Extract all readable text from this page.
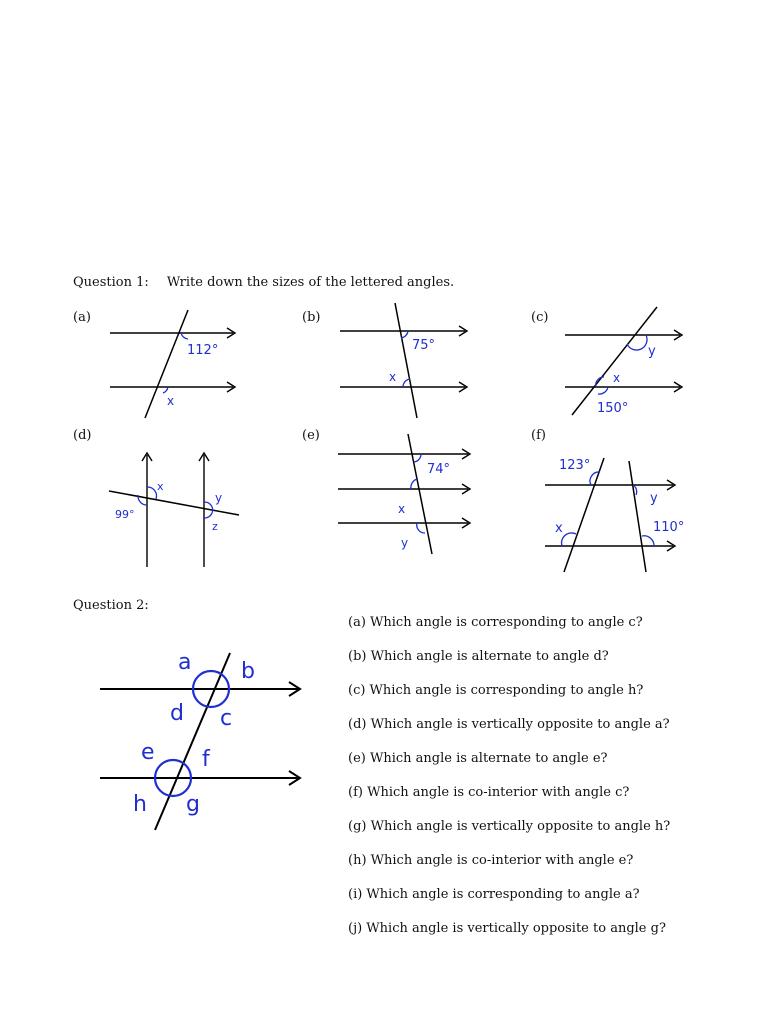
Question 1: Write down the sizes of the lettered angles.
(a)	(b)	(c)
(d)	(e)	(f)
112°
x
75°
x
y
x
150°
x
99°
y
z
74°
x
y
123°
y
x	110°
Question 2:
a b
d c
e f
h g
(a) Which angle is corresponding to angle c?
(b) Which angle is alternate to angle d?
(c) Which angle is corresponding to angle h?
(d) Which angle is vertically opposite to angle a?
(e) Which angle is alternate to angle e?
(f) Which angle is co-interior with angle c?
(g) Which angle is vertically opposite to angle h?
(h) Which angle is co-interior with angle e?
(i) Which angle is corresponding to angle a?
(j) Which angle is vertically opposite to angle g?
